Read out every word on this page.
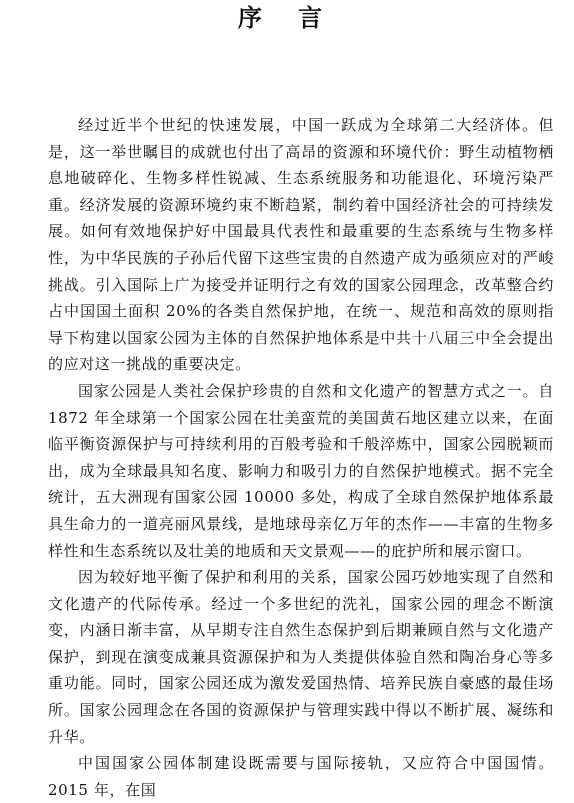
序 言

经过近半个世纪的快速发展，中国一跃成为全球第二大经济体。但是，这一举世瞩目的成就也付出了高昂的资源和环境代价：野生动植物栖息地破碎化、生物多样性锐减、生态系统服务和功能退化、环境污染严重。经济发展的资源环境约束不断趋紧，制约着中国经济社会的可持续发展。如何有效地保护好中国最具代表性和最重要的生态系统与生物多样性，为中华民族的子孙后代留下这些宝贵的自然遗产成为亟须应对的严峻挑战。引入国际上广为接受并证明行之有效的国家公园理念，改革整合约占中国国土面积 20%的各类自然保护地，在统一、规范和高效的原则指导下构建以国家公园为主体的自然保护地体系是中共十八届三中全会提出的应对这一挑战的重要决定。

国家公园是人类社会保护珍贵的自然和文化遗产的智慧方式之一。自 1872 年全球第一个国家公园在壮美蛮荒的美国黄石地区建立以来，在面临平衡资源保护与可持续利用的百般考验和千般淬炼中，国家公园脱颖而出，成为全球最具知名度、影响力和吸引力的自然保护地模式。据不完全统计，五大洲现有国家公园 10000 多处，构成了全球自然保护地体系最具生命力的一道亮丽风景线，是地球母亲亿万年的杰作——丰富的生物多样性和生态系统以及壮美的地质和天文景观——的庇护所和展示窗口。

因为较好地平衡了保护和利用的关系，国家公园巧妙地实现了自然和文化遗产的代际传承。经过一个多世纪的洗礼，国家公园的理念不断演变，内涵日渐丰富，从早期专注自然生态保护到后期兼顾自然与文化遗产保护，到现在演变成兼具资源保护和为人类提供体验自然和陶冶身心等多重功能。同时，国家公园还成为激发爱国热情、培养民族自豪感的最佳场所。国家公园理念在各国的资源保护与管理实践中得以不断扩展、凝练和升华。

中国国家公园体制建设既需要与国际接轨，又应符合中国国情。2015 年，在国
